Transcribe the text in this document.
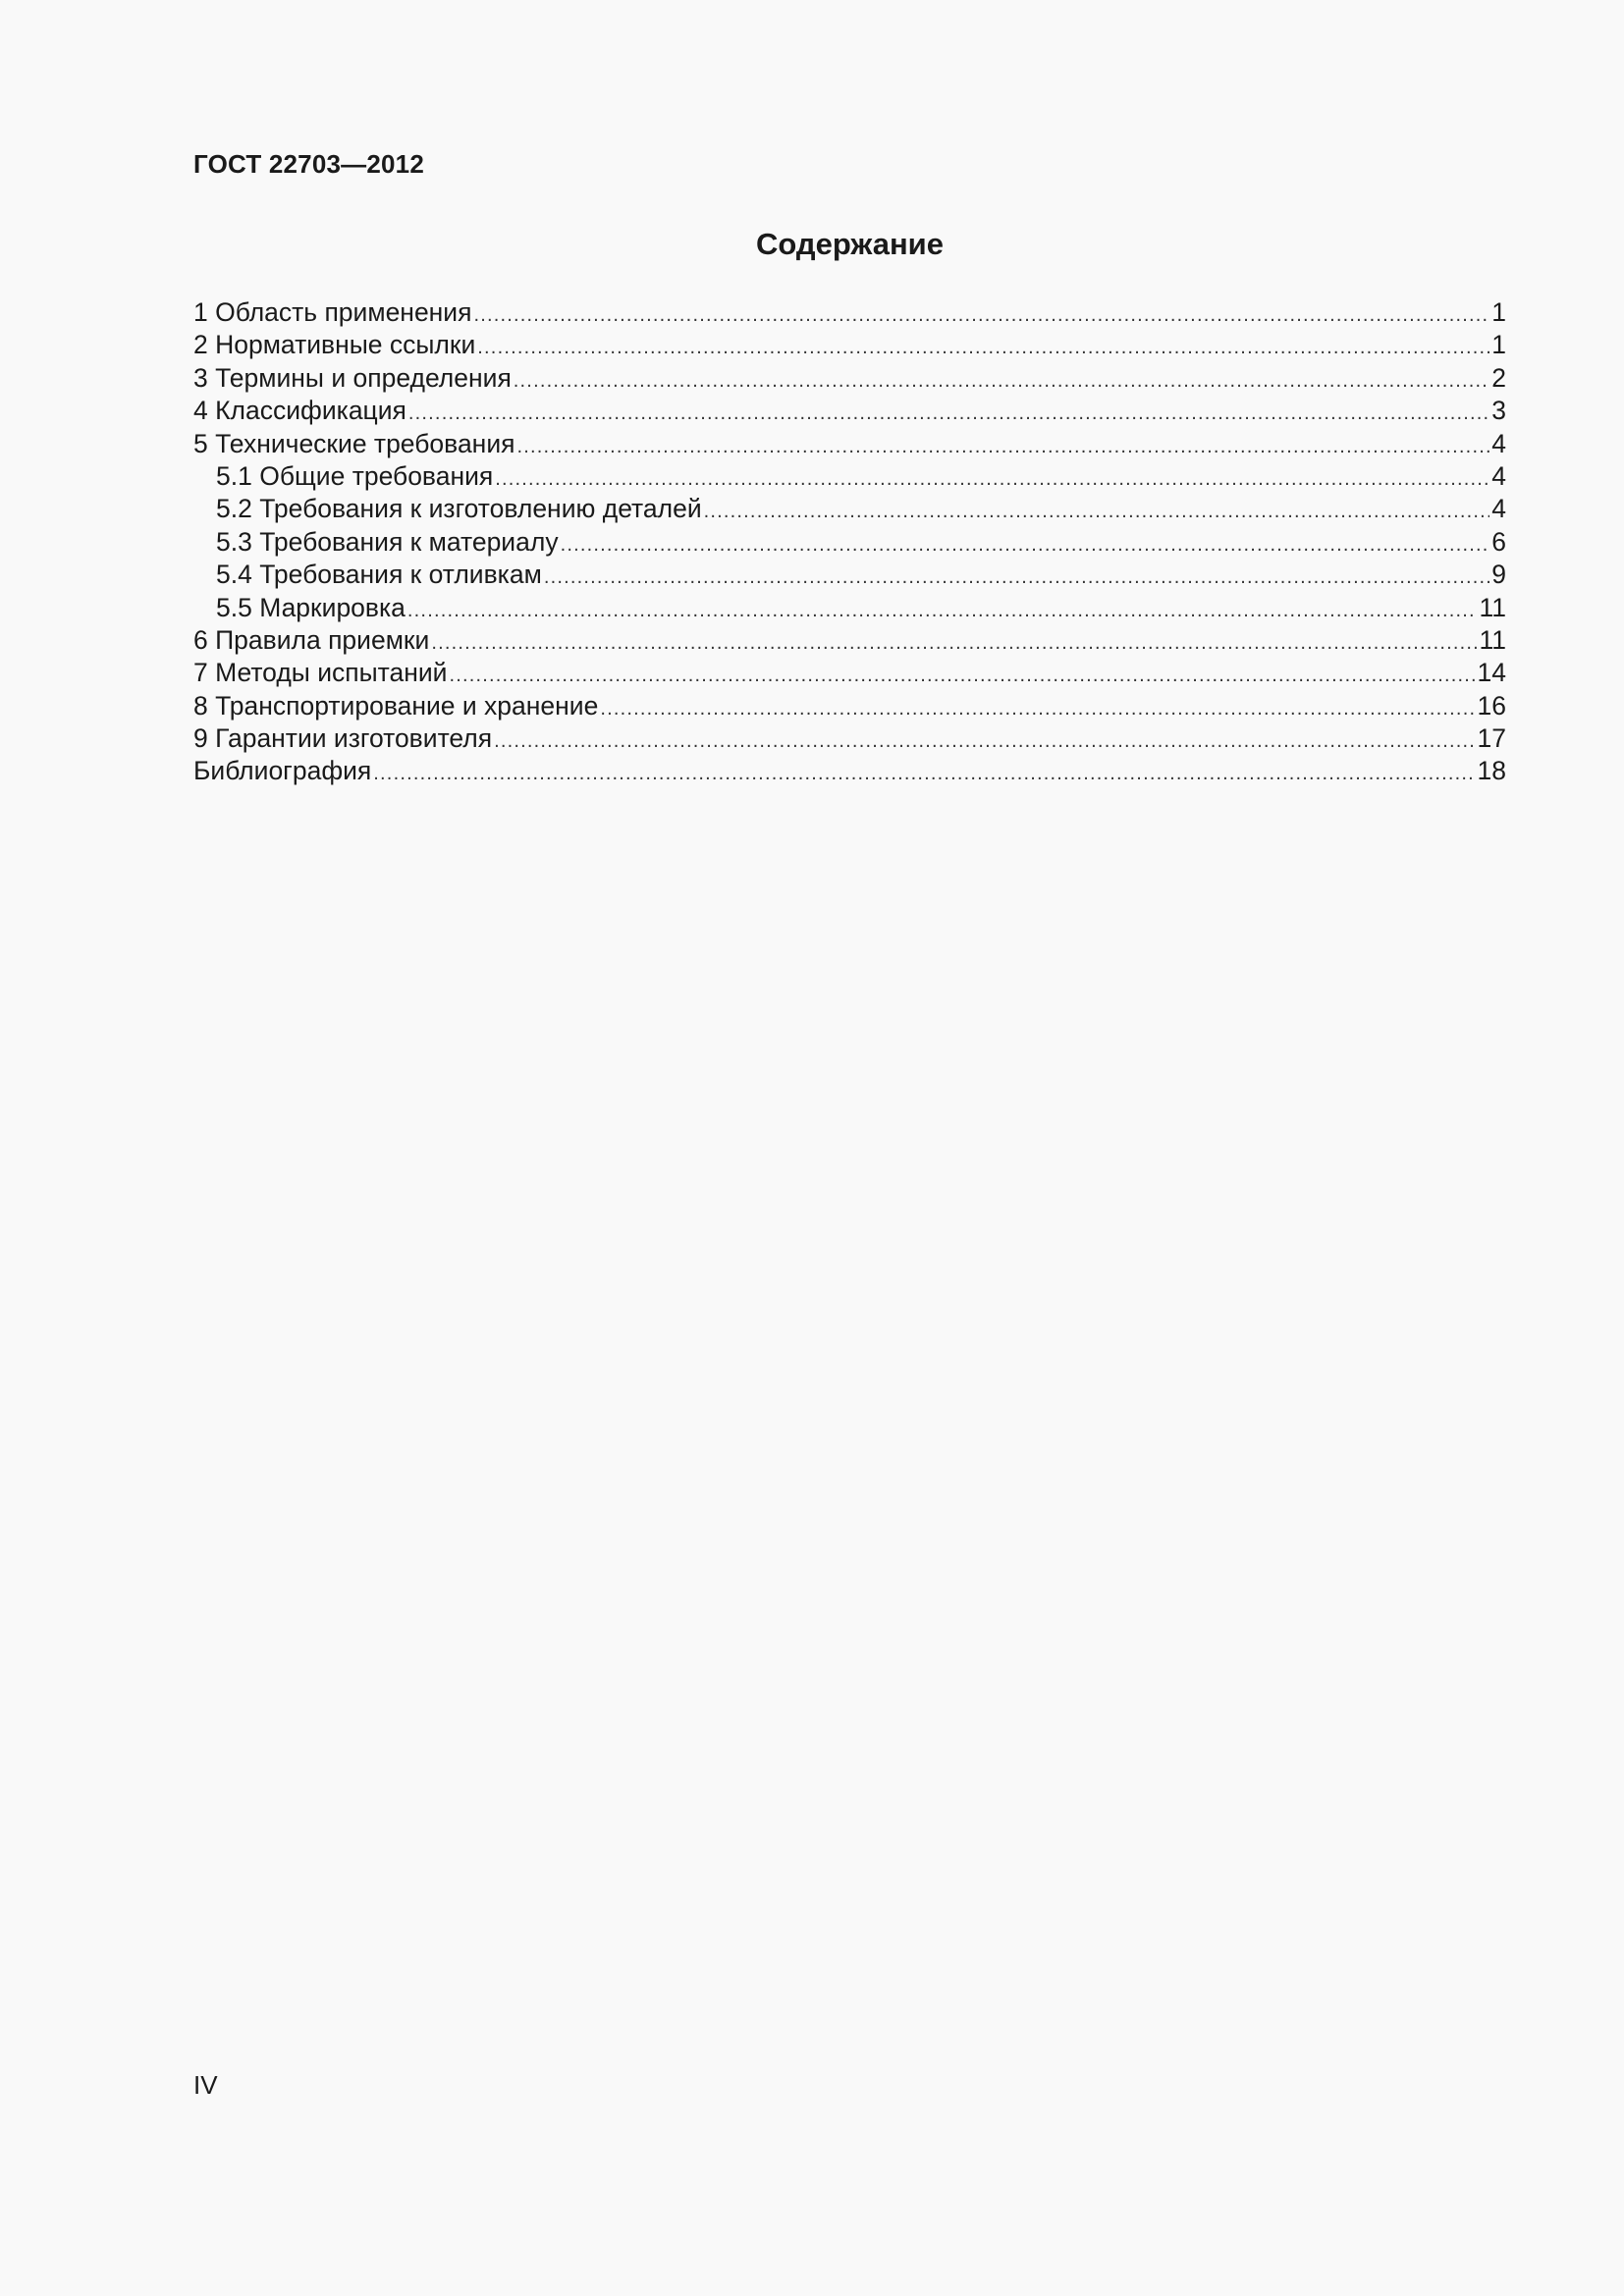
ГОСТ 22703—2012
Содержание
1 Область применения .....	1
2 Нормативные ссылки .....	1
3 Термины и определения .....	2
4 Классификация .....	3
5 Технические требования .....	4
5.1 Общие требования .....	4
5.2 Требования к изготовлению деталей .....	4
5.3 Требования к материалу .....	6
5.4 Требования к отливкам .....	9
5.5 Маркировка .....	11
6 Правила приемки .....	11
7 Методы испытаний .....	14
8 Транспортирование и хранение .....	16
9 Гарантии изготовителя .....	17
Библиография .....	18
IV
